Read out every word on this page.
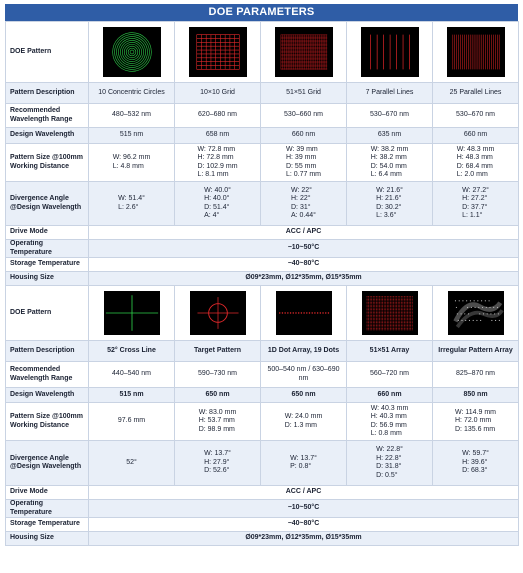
DOE PARAMETERS
DOE Pattern	

Pattern Description	10 Concentric Circles	10×10 Grid	51×51 Grid	7 Parallel Lines	25 Parallel Lines
Recommended Wavelength Range	480–532 nm	620–680 nm	530–660 nm	530–670 nm	530–670 nm
Design Wavelength	515 nm	658 nm	660 nm	635 nm	660 nm
Pattern Size @100mm Working Distance	W: 96.2 mm
L: 4.8 mm	W: 72.8 mm
H: 72.8 mm
D: 102.9 mm
L: 8.1 mm	W: 39 mm
H: 39 mm
D: 55 mm
L: 0.77 mm	W: 38.2 mm
H: 38.2 mm
D: 54.0 mm
L: 6.4 mm	W: 48.3 mm
H: 48.3 mm
D: 68.4 mm
L: 2.0 mm

Divergence Angle @Design Wavelength	W: 51.4°
L: 2.6°	W: 40.0°
H: 40.0°
D: 51.4°
A: 4°	W: 22°
H: 22°
D: 31°
A: 0.44°	W: 21.6°
H: 21.6°
D: 30.2°
L: 3.6°	W: 27.2°
H: 27.2°
D: 37.7°
L: 1.1°

Drive Mode	ACC / APC				
Operating Temperature	−10~50°C				
Storage Temperature	−40~80°C				
Housing Size	Ø09*23mm, Ø12*35mm, Ø15*35mm				
DOE Pattern	

Pattern Description	52° Cross Line	Target Pattern	1D Dot Array, 19 Dots	51×51 Array	Irregular Pattern Array
Recommended Wavelength Range	440–540 nm	590–730 nm	500–540 nm / 630–690 nm	560–720 nm	825–870 nm
Design Wavelength	515 nm	650 nm	650 nm	660 nm	850 nm
Pattern Size @100mm Working Distance	97.6 mm	W: 83.0 mm
H: 53.7 mm
D: 98.9 mm	W: 24.0 mm
D: 1.3 mm	W: 40.3 mm
H: 40.3 mm
D: 56.9 mm
L: 0.8 mm	W: 114.9 mm
H: 72.0 mm
D: 135.6 mm

Divergence Angle @Design Wavelength	52°	W: 13.7°
H: 27.9°
D: 52.6°	W: 13.7°
P: 0.8°	W: 22.8°
H: 22.8°
D: 31.8°
D: 0.5°	W: 59.7°
H: 39.6°
D: 68.3°

Drive Mode	ACC / APC				
Operating Temperature	−10~50°C				
Storage Temperature	−40~80°C				
Housing Size	Ø09*23mm, Ø12*35mm, Ø15*35mm				
